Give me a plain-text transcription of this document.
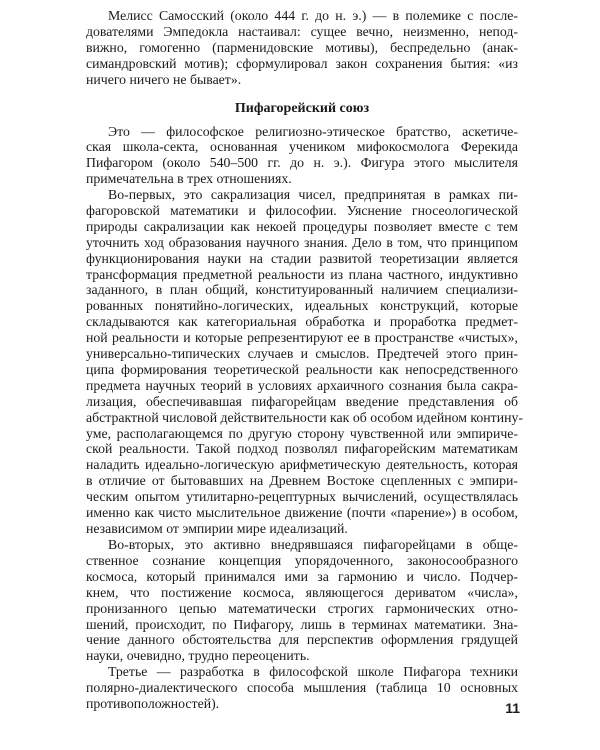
Мелисс Самосский (около 444 г. до н. э.) — в полемике с после-
дователями Эмпедокла настаивал: сущее вечно, неизменно, непод-
вижно, гомогенно (парменидовские мотивы), беспредельно (анак-
симандровский мотив); сформулировал закон сохранения бытия: «из
ничего ничего не бывает».
Пифагорейский союз
Это — философское религиозно-этическое братство, аскетиче-
ская школа-секта, основанная учеником мифокосмолога Ферекида
Пифагором (около 540–500 гг. до н. э.). Фигура этого мыслителя
примечательна в трех отношениях.
Во-первых, это сакрализация чисел, предпринятая в рамках пи-
фагоровской математики и философии. Уяснение гносеологической
природы сакрализации как некоей процедуры позволяет вместе с тем
уточнить ход образования научного знания. Дело в том, что принципом
функционирования науки на стадии развитой теоретизации является
трансформация предметной реальности из плана частного, индуктивно
заданного, в план общий, конституированный наличием специализи-
рованных понятийно-логических, идеальных конструкций, которые
складываются как категориальная обработка и проработка предмет-
ной реальности и которые репрезентируют ее в пространстве «чистых»,
универсально-типических случаев и смыслов. Предтечей этого прин-
ципа формирования теоретической реальности как непосредственного
предмета научных теорий в условиях архаичного сознания была сакра-
лизация, обеспечивавшая пифагорейцам введение представления об
абстрактной числовой действительности как об особом идейном контину-
уме, располагающемся по другую сторону чувственной или эмпириче-
ской реальности. Такой подход позволял пифагорейским математикам
наладить идеально-логическую арифметическую деятельность, которая
в отличие от бытовавших на Древнем Востоке сцепленных с эмпири-
ческим опытом утилитарно-рецептурных вычислений, осуществлялась
именно как чисто мыслительное движение (почти «парение») в особом,
независимом от эмпирии мире идеализаций.
Во-вторых, это активно внедрявшаяся пифагорейцами в обще-
ственное сознание концепция упорядоченного, законосообразного
космоса, который принимался ими за гармонию и число. Подчер-
кнем, что постижение космоса, являющегося дериватом «числа»,
пронизанного цепью математически строгих гармонических отно-
шений, происходит, по Пифагору, лишь в терминах математики. Зна-
чение данного обстоятельства для перспектив оформления грядущей
науки, очевидно, трудно переоценить.
Третье — разработка в философской школе Пифагора техники
полярно-диалектического способа мышления (таблица 10 основных
противоположностей).	11
